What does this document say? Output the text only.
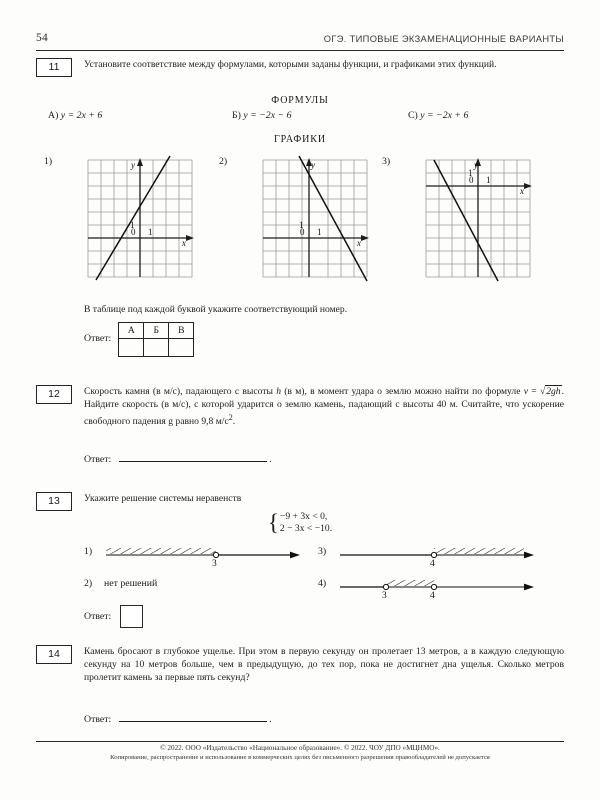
54	ОГЭ. ТИПОВЫЕ ЭКЗАМЕНАЦИОННЫЕ ВАРИАНТЫ
11	Установите соответствие между формулами, которыми заданы функции, и графиками этих функций.
ФОРМУЛЫ
А) y = 2x + 6	Б) y = −2x − 6	С) y = −2x + 6
ГРАФИКИ
1)
0 1
1
x
y	2)
0 1
1
x
y	3)
0 1
1
x
y
В таблице под каждой буквой укажите соответствующий номер.
Ответ:
А	Б	В

12	Скорость камня (в м/с), падающего с высоты h (в м), в момент удара о землю можно найти по формуле v = √2gh. Найдите скорость (в м/с), с которой ударится о землю камень, падающий с высоты 40 м. Считайте, что ускорение свободного падения g равно 9,8 $м/с^2$.
Ответ:	.
13	Укажите решение системы неравенств
{ −9 + 3x < 0,
2 − 3x < −10.
1)
3
2)	нет решений
3)
4
4)
3	4
Ответ:
14	Камень бросают в глубокое ущелье. При этом в первую секунду он пролетает 13 метров, а в каждую следующую секунду на 10 метров больше, чем в предыдущую, до тех пор, пока не достигнет дна ущелья. Сколько метров пролетит камень за первые пять секунд?
Ответ:	.
© 2022. ООО «Издательство «Национальное образование». © 2022. ЧОУ ДПО «МЦНМО».
Копирование, распространение и использование в коммерческих целях без письменного разрешения правообладателей не допускается
